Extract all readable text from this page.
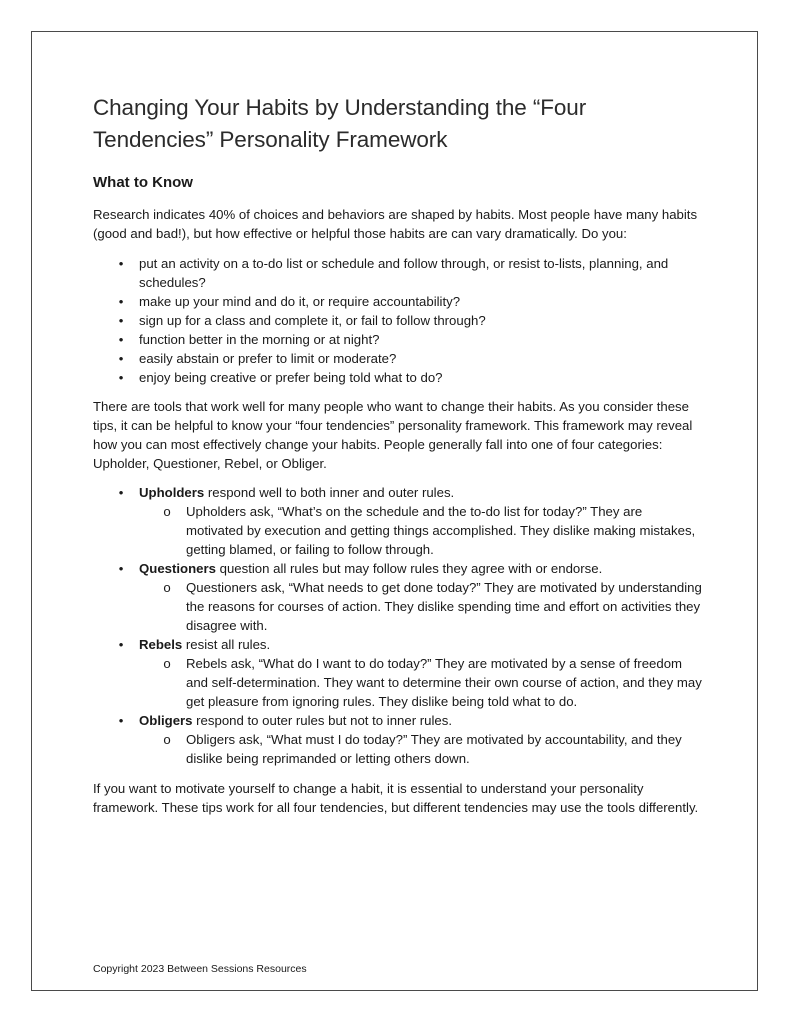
Changing Your Habits by Understanding the “Four Tendencies” Personality Framework
What to Know

Research indicates 40% of choices and behaviors are shaped by habits. Most people have many habits (good and bad!), but how effective or helpful those habits are can vary dramatically. Do you:

• put an activity on a to-do list or schedule and follow through, or resist to-lists, planning, and schedules?
• make up your mind and do it, or require accountability?
• sign up for a class and complete it, or fail to follow through?
• function better in the morning or at night?
• easily abstain or prefer to limit or moderate?
• enjoy being creative or prefer being told what to do?

There are tools that work well for many people who want to change their habits. As you consider these tips, it can be helpful to know your “four tendencies” personality framework. This framework may reveal how you can most effectively change your habits. People generally fall into one of four categories: Upholder, Questioner, Rebel, or Obliger.

• Upholders respond well to both inner and outer rules.
o Upholders ask, “What’s on the schedule and the to-do list for today?” They are motivated by execution and getting things accomplished. They dislike making mistakes, getting blamed, or failing to follow through.
• Questioners question all rules but may follow rules they agree with or endorse.
o Questioners ask, “What needs to get done today?” They are motivated by understanding the reasons for courses of action. They dislike spending time and effort on activities they disagree with.
• Rebels resist all rules.
o Rebels ask, “What do I want to do today?” They are motivated by a sense of freedom and self-determination. They want to determine their own course of action, and they may get pleasure from ignoring rules. They dislike being told what to do.
• Obligers respond to outer rules but not to inner rules.
o Obligers ask, “What must I do today?” They are motivated by accountability, and they dislike being reprimanded or letting others down.

If you want to motivate yourself to change a habit, it is essential to understand your personality framework. These tips work for all four tendencies, but different tendencies may use the tools differently.

Copyright 2023 Between Sessions Resources
